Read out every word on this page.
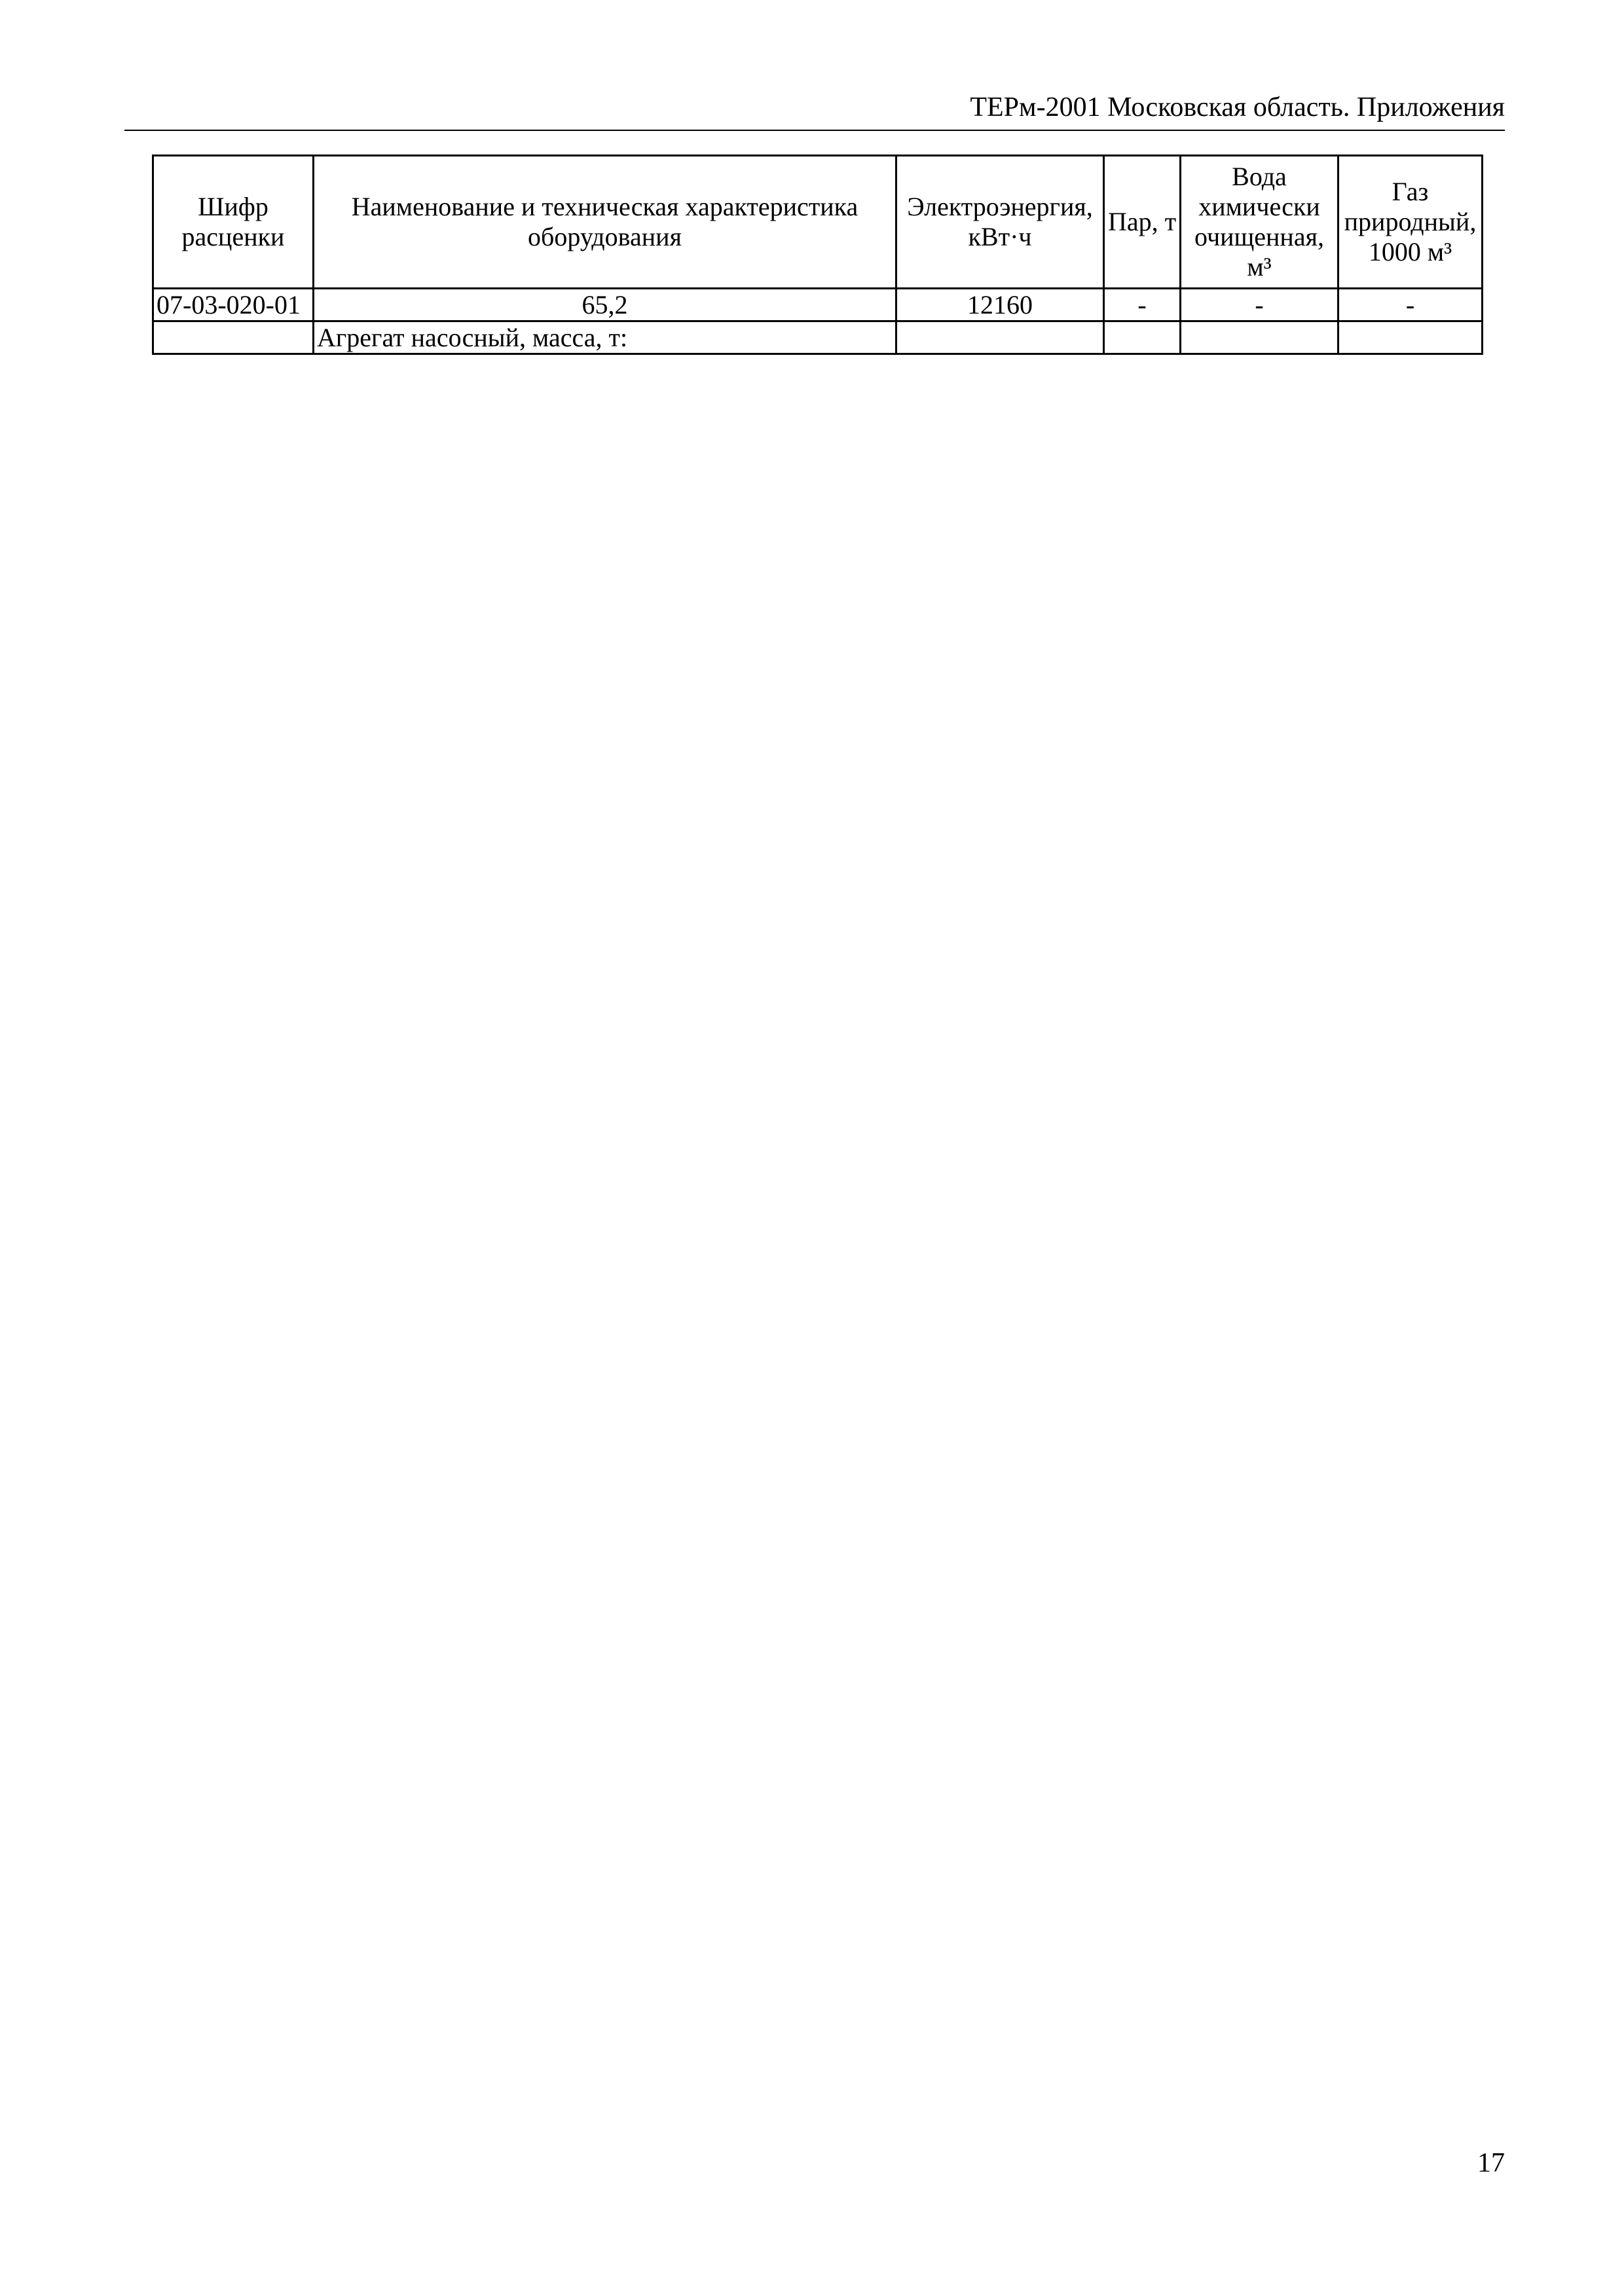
ТЕРм-2001 Московская область. Приложения
Шифр расценки	Наименование и техническая характеристика оборудования	Электроэнергия, кВт·ч	Пар, т	Вода химически очищенная, м³	Газ природный, 1000 м³
07-03-020-01	65,2	12160	-	-	-
	Агрегат насосный, масса, т:				
17
